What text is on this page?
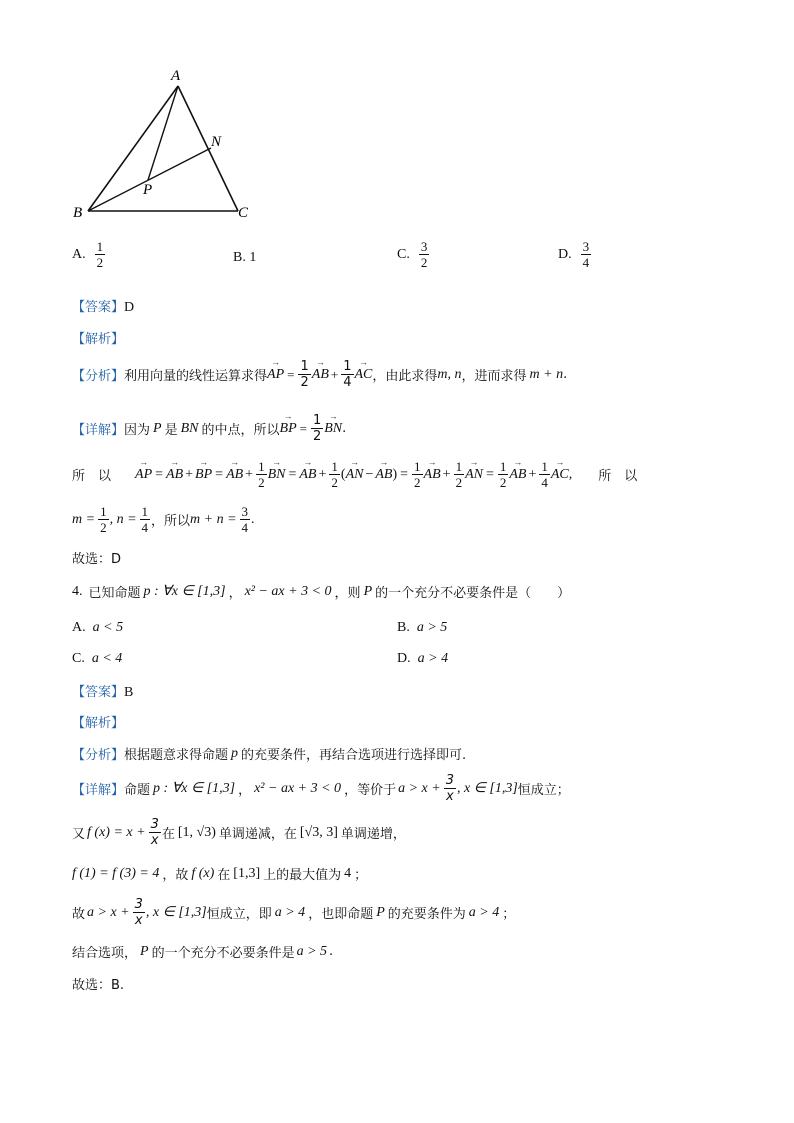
A
B	C
N
P
A. $\frac{1}{2}$	B. 1	C. $\frac{3}{2}$	D. $\frac{3}{4}$
【答案】D
【解析】
【分析】 利用向量的线性运算求得 → AP = $\frac{1}{2}$ → AB + $\frac{1}{4}$ → AC ，由此求得 m, n ，进而求得 m + n .
【详解】 因为 P 是 BN 的中点，所以 → BP = $\frac{1}{2}$ → BN .
所　以 → AP = → AB + → BP = → AB + $\frac{1}{2}$ → BN = → AB + $\frac{1}{2}$ ( → AN − → AB ) = $\frac{1}{2}$ → AB + $\frac{1}{2}$ → AN = $\frac{1}{2}$ → AB + $\frac{1}{4}$ → AC , 所　以
$m = \frac{1}{2}$ , $n = \frac{1}{4}$ ，所以 $m + n = \frac{3}{4}$ .
故选：D
4. 已知命题 p : ∀x ∈ [1,3] ， x² − ax + 3 < 0 ，则 P 的一个充分不必要条件是（　　）
A. a < 5	B. a > 5
C. a < 4	D. a > 4
【答案】B
【解析】
【分析】 根据题意求得命题 p 的充要条件，再结合选项进行选择即可.
【详解】 命题 p : ∀x ∈ [1,3] ， x² − ax + 3 < 0 ，等价于 $a > x + \frac{3}{x}$ , x ∈ [1,3] 恒成立；
又 f $(x) = x + \frac{3}{x}$ 在 [1, √3) 单调递减，在 [√3, 3] 单调递增，
f (1) = f (3) = 4 ，故 f (x) 在 [1,3] 上的最大值为 4 ；
故 $a > x + \frac{3}{x}$ , x ∈ [1,3] 恒成立，即 a > 4 ，也即命题 P 的充要条件为 a > 4 ；
结合选项， P 的一个充分不必要条件是 a > 5 .
故选：B.
